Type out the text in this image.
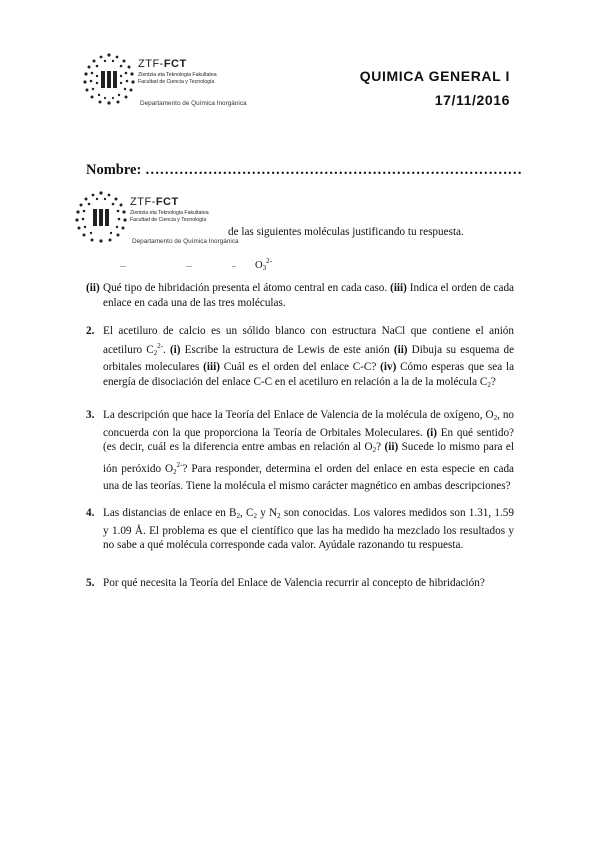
ZTF-FCT
Zientzia eta Teknologia Fakultatea
Facultad de Ciencia y Tecnología
Departamento de Química Inorgánica
QUIMICA GENERAL I
17/11/2016
Nombre: ……………………………………………………………………
ZTF-FCT
Zientzia eta Teknologia Fakultatea
Facultad de Ciencia y Tecnología
Departamento de Química Inorgánica
de las siguientes moléculas justificando tu respuesta.
$O_3^{2-}$
(ii) Qué tipo de hibridación presenta el átomo central en cada caso. (iii) Indica el orden de cada enlace en cada una de las tres moléculas.
2. El acetiluro de calcio es un sólido blanco con estructura NaCl que contiene el anión acetiluro $C_2^{2-}$. (i) Escribe la estructura de Lewis de este anión (ii) Dibuja su esquema de orbitales moleculares (iii) Cuál es el orden del enlace C-C? (iv) Cómo esperas que sea la energía de disociación del enlace C-C en el acetiluro en relación a la de la molécula $C_2$?
3. La descripción que hace la Teoría del Enlace de Valencia de la molécula de oxígeno, $O_2$, no concuerda con la que proporciona la Teoría de Orbitales Moleculares. (i) En qué sentido? (es decir, cuál es la diferencia entre ambas en relación al $O_2$? (ii) Sucede lo mismo para el ión peróxido $O_2^{2-}$? Para responder, determina el orden del enlace en esta especie en cada una de las teorías. Tiene la molécula el mismo carácter magnético en ambas descripciones?
4. Las distancias de enlace en $B_2$, $C_2$ y $N_2$ son conocidas. Los valores medidos son 1.31, 1.59 y 1.09 Å. El problema es que el científico que las ha medido ha mezclado los resultados y no sabe a qué molécula corresponde cada valor. Ayúdale razonando tu respuesta.
5. Por qué necesita la Teoría del Enlace de Valencia recurrir al concepto de hibridación?
